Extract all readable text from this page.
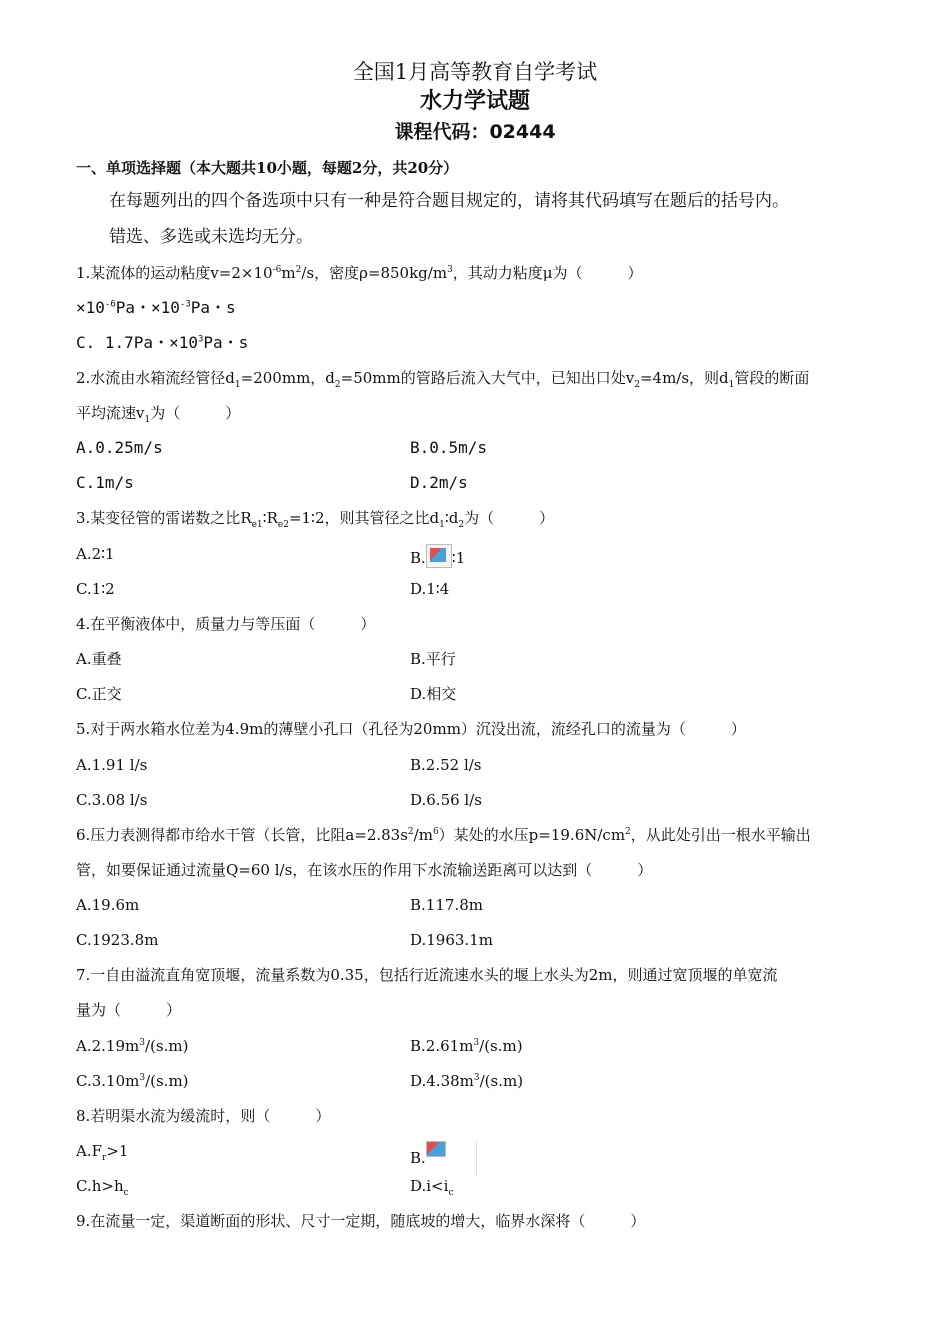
全国1月高等教育自学考试
水力学试题
课程代码：02444
一、单项选择题（本大题共10小题，每题2分，共20分）
在每题列出的四个备选项中只有一种是符合题目规定的，请将其代码填写在题后的括号内。
错选、多选或未选均无分。
1.某流体的运动粘度$v=2\times 10^{-6}m^2/s$，密度$\rho=850kg/m^3$，其动力粘度μ为（　　　）
$\times 10^{-6}Pa$・$\times 10^{-3}Pa$・s
C. 1.7Pa・$\times 10^3Pa$・s
2.水流由水箱流经管径$d_1=200mm$，$d_2=50mm$的管路后流入大气中，已知出口处$v_2=4m/s$，则$d_1$管段的断面
平均流速$v_1$为（　　　）
A.0.25m/s	B.0.5m/s
C.1m/s	D.2m/s
3.某变径管的雷诺数之比$R_{e1}∶R_{e2}=1∶2$，则其管径之比$d_1∶d_2$为（　　　）
A.2∶1	B. ∶1
C.1∶2	D.1∶4
4.在平衡液体中，质量力与等压面（　　　）
A.重叠	B.平行
C.正交	D.相交
5.对于两水箱水位差为4.9m的薄壁小孔口（孔径为20mm）沉没出流，流经孔口的流量为（　　　）
A.1.91 l/s	B.2.52 l/s
C.3.08 l/s	D.6.56 l/s
6.压力表测得都市给水干管（长管，比阻$a=2.83s^2/m^6$）某处的水压$p=19.6N/cm^2$，从此处引出一根水平输出
管，如要保证通过流量Q=60 l/s，在该水压的作用下水流输送距离可以达到（　　　）
A.19.6m	B.117.8m
C.1923.8m	D.1963.1m
7.一自由溢流直角宽顶堰，流量系数为0.35，包括行近流速水头的堰上水头为2m，则通过宽顶堰的单宽流
量为（　　　）
$A.2.19m^3/(s.m)$	$B.2.61m^3/(s.m)$
$C.3.10m^3/(s.m)$	$D.4.38m^3/(s.m)$
8.若明渠水流为缓流时，则（　　　）
$A.F_r>1$	B.
$C.h>h_c$	$D.i<i_c$
9.在流量一定，渠道断面的形状、尺寸一定期，随底坡的增大，临界水深将（　　　）
